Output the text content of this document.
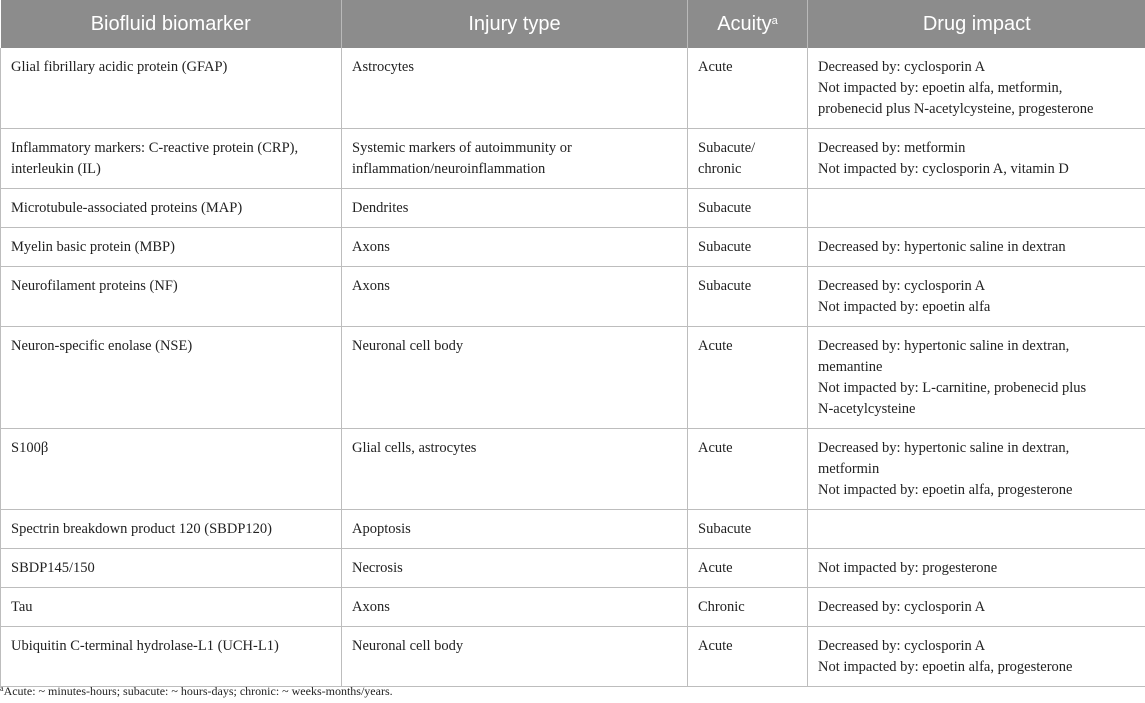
Biofluid biomarker	Injury type	Acuity$^a$	Drug impact

Glial fibrillary acidic protein (GFAP)	Astrocytes	Acute	Decreased by: cyclosporin A
Not impacted by: epoetin alfa, metformin,
probenecid plus N-acetylcysteine, progesterone

Inflammatory markers: C-reactive protein (CRP),
interleukin (IL)	Systemic markers of autoimmunity or
inflammation/neuroinflammation	Subacute/
chronic	Decreased by: metformin
Not impacted by: cyclosporin A, vitamin D

Microtubule-associated proteins (MAP)	Dendrites	Subacute	

Myelin basic protein (MBP)	Axons	Subacute	Decreased by: hypertonic saline in dextran

Neurofilament proteins (NF)	Axons	Subacute	Decreased by: cyclosporin A
Not impacted by: epoetin alfa

Neuron-specific enolase (NSE)	Neuronal cell body	Acute	Decreased by: hypertonic saline in dextran,
memantine
Not impacted by: L-carnitine, probenecid plus
N-acetylcysteine

S100β	Glial cells, astrocytes	Acute	Decreased by: hypertonic saline in dextran,
metformin
Not impacted by: epoetin alfa, progesterone

Spectrin breakdown product 120 (SBDP120)	Apoptosis	Subacute	

SBDP145/150	Necrosis	Acute	Not impacted by: progesterone

Tau	Axons	Chronic	Decreased by: cyclosporin A

Ubiquitin C-terminal hydrolase-L1 (UCH-L1)	Neuronal cell body	Acute	Decreased by: cyclosporin A
Not impacted by: epoetin alfa, progesterone
$^a$Acute: ~ minutes-hours; subacute: ~ hours-days; chronic: ~ weeks-months/years.
